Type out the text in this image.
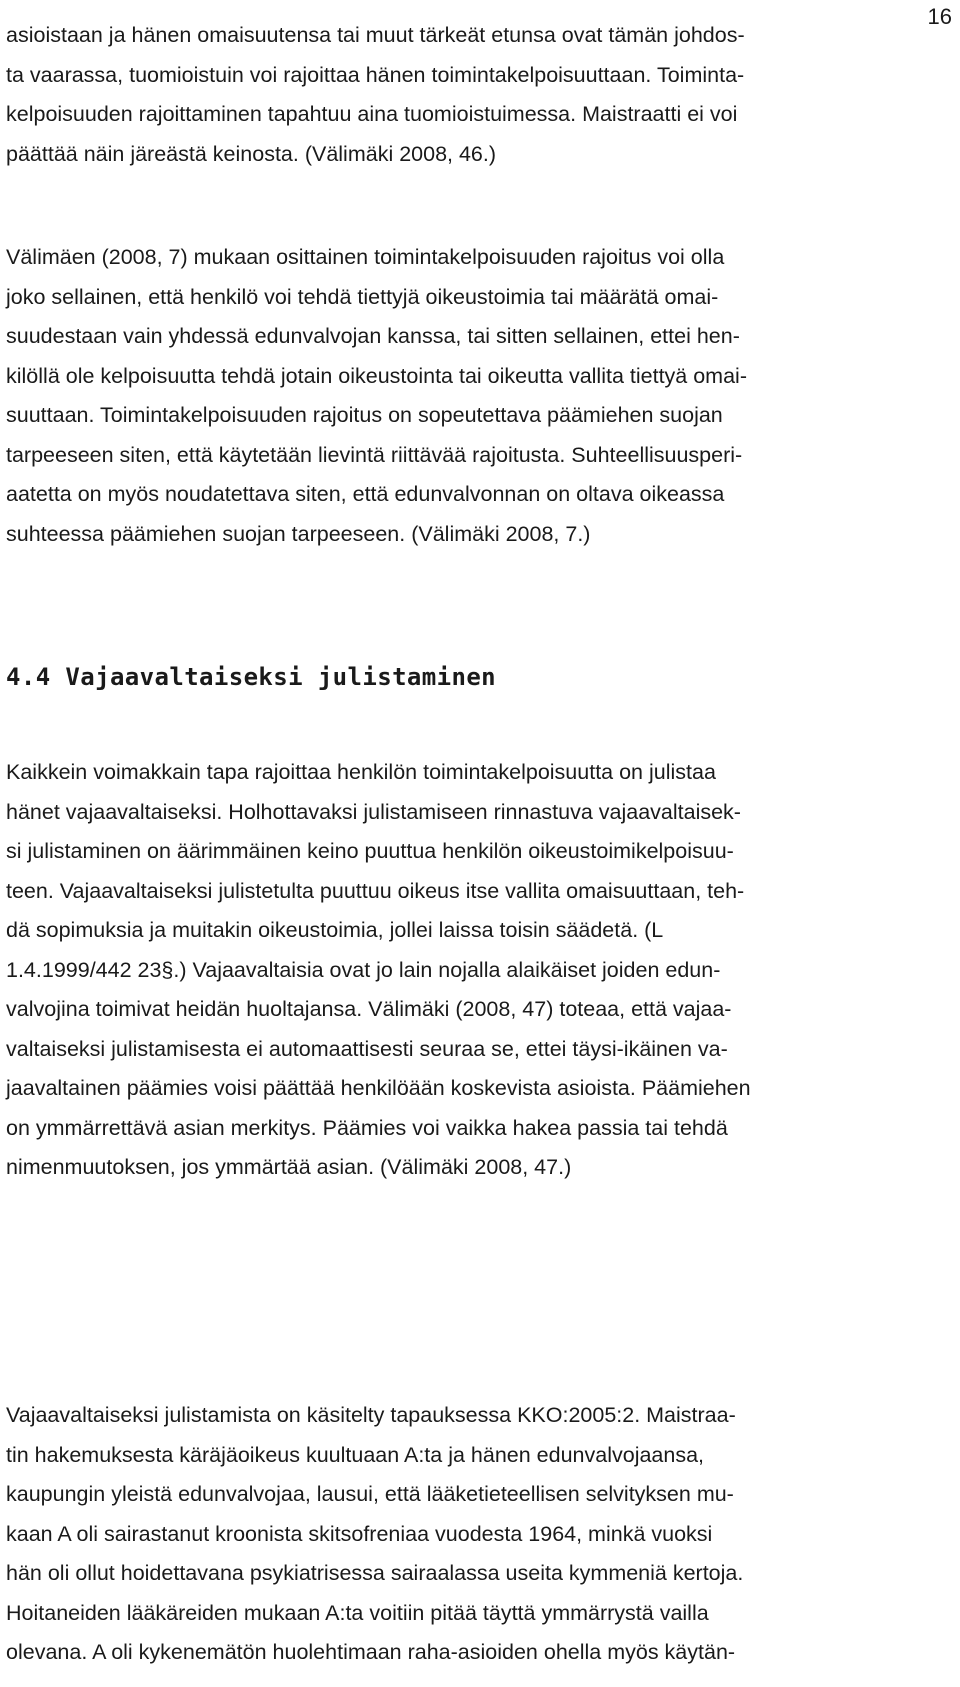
16

asioistaan ja hänen omaisuutensa tai muut tärkeät etunsa ovat tämän johdos-
ta vaarassa, tuomioistuin voi rajoittaa hänen toimintakelpoisuuttaan. Toiminta-
kelpoisuuden rajoittaminen tapahtuu aina tuomioistuimessa. Maistraatti ei voi
päättää näin järeästä keinosta. (Välimäki 2008, 46.)

Välimäen (2008, 7) mukaan osittainen toimintakelpoisuuden rajoitus voi olla
joko sellainen, että henkilö voi tehdä tiettyjä oikeustoimia tai määrätä omai-
suudestaan vain yhdessä edunvalvojan kanssa, tai sitten sellainen, ettei hen-
kilöllä ole kelpoisuutta tehdä jotain oikeustointa tai oikeutta vallita tiettyä omai-
suuttaan. Toimintakelpoisuuden rajoitus on sopeutettava päämiehen suojan
tarpeeseen siten, että käytetään lievintä riittävää rajoitusta. Suhteellisuusperi-
aatetta on myös noudatettava siten, että edunvalvonnan on oltava oikeassa
suhteessa päämiehen suojan tarpeeseen. (Välimäki 2008, 7.)

4.4 Vajaavaltaiseksi julistaminen

Kaikkein voimakkain tapa rajoittaa henkilön toimintakelpoisuutta on julistaa
hänet vajaavaltaiseksi. Holhottavaksi julistamiseen rinnastuva vajaavaltaisek-
si julistaminen on äärimmäinen keino puuttua henkilön oikeustoimikelpoisuu-
teen. Vajaavaltaiseksi julistetulta puuttuu oikeus itse vallita omaisuuttaan, teh-
dä sopimuksia ja muitakin oikeustoimia, jollei laissa toisin säädetä. (L
1.4.1999/442 23§.) Vajaavaltaisia ovat jo lain nojalla alaikäiset joiden edun-
valvojina toimivat heidän huoltajansa. Välimäki (2008, 47) toteaa, että vajaa-
valtaiseksi julistamisesta ei automaattisesti seuraa se, ettei täysi-ikäinen va-
jaavaltainen päämies voisi päättää henkilöään koskevista asioista. Päämiehen
on ymmärrettävä asian merkitys. Päämies voi vaikka hakea passia tai tehdä
nimenmuutoksen, jos ymmärtää asian. (Välimäki 2008, 47.)

Vajaavaltaiseksi julistamista on käsitelty tapauksessa KKO:2005:2. Maistraa-
tin hakemuksesta käräjäoikeus kuultuaan A:ta ja hänen edunvalvojaansa,
kaupungin yleistä edunvalvojaa, lausui, että lääketieteellisen selvityksen mu-
kaan A oli sairastanut kroonista skitsofreniaa vuodesta 1964, minkä vuoksi
hän oli ollut hoidettavana psykiatrisessa sairaalassa useita kymmeniä kertoja.
Hoitaneiden lääkäreiden mukaan A:ta voitiin pitää täyttä ymmärrystä vailla
olevana. A oli kykenemätön huolehtimaan raha-asioiden ohella myös käytän-
